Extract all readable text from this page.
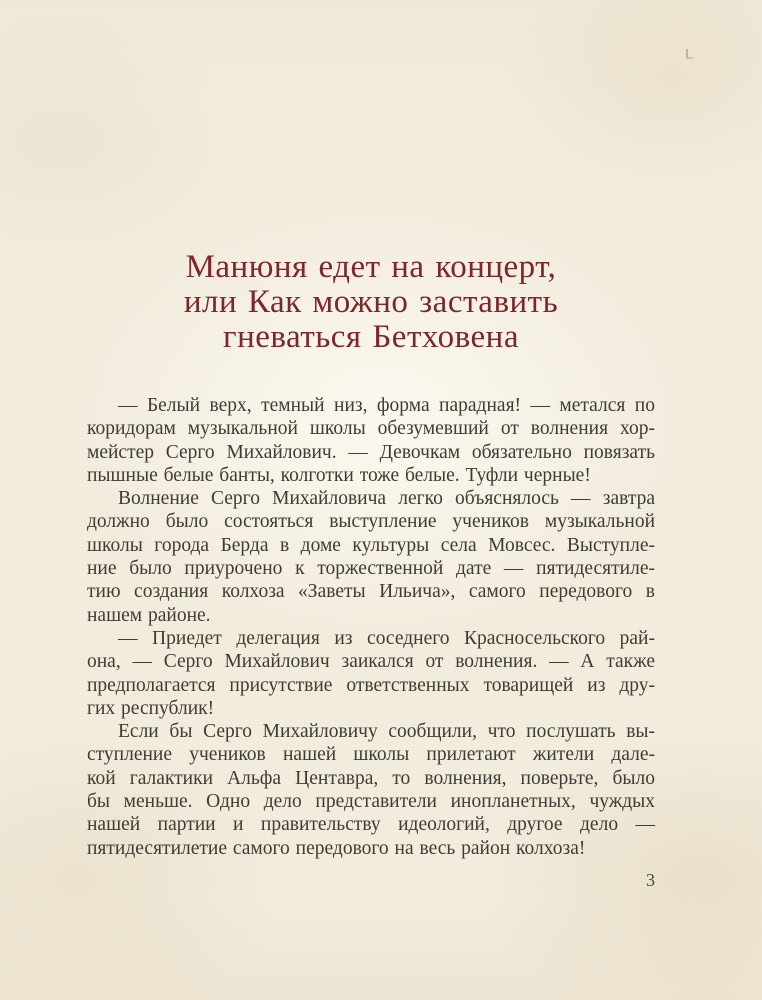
Манюня едет на концерт,
или Как можно заставить
гневаться Бетховена

— Белый верх, темный низ, форма парадная! — метался по
коридорам музыкальной школы обезумевший от волнения хор-
мейстер Серго Михайлович. — Девочкам обязательно повязать
пышные белые банты, колготки тоже белые. Туфли черные!

Волнение Серго Михайловича легко объяснялось — завтра
должно было состояться выступление учеников музыкальной
школы города Берда в доме культуры села Мовсес. Выступле-
ние было приурочено к торжественной дате — пятидесятиле-
тию создания колхоза «Заветы Ильича», самого передового в
нашем районе.

— Приедет делегация из соседнего Красносельского рай-
она, — Серго Михайлович заикался от волнения. — А также
предполагается присутствие ответственных товарищей из дру-
гих республик!

Если бы Серго Михайловичу сообщили, что послушать вы-
ступление учеников нашей школы прилетают жители дале-
кой галактики Альфа Центавра, то волнения, поверьте, было
бы меньше. Одно дело представители инопланетных, чуждых
нашей партии и правительству идеологий, другое дело —
пятидесятилетие самого передового на весь район колхоза!

3
